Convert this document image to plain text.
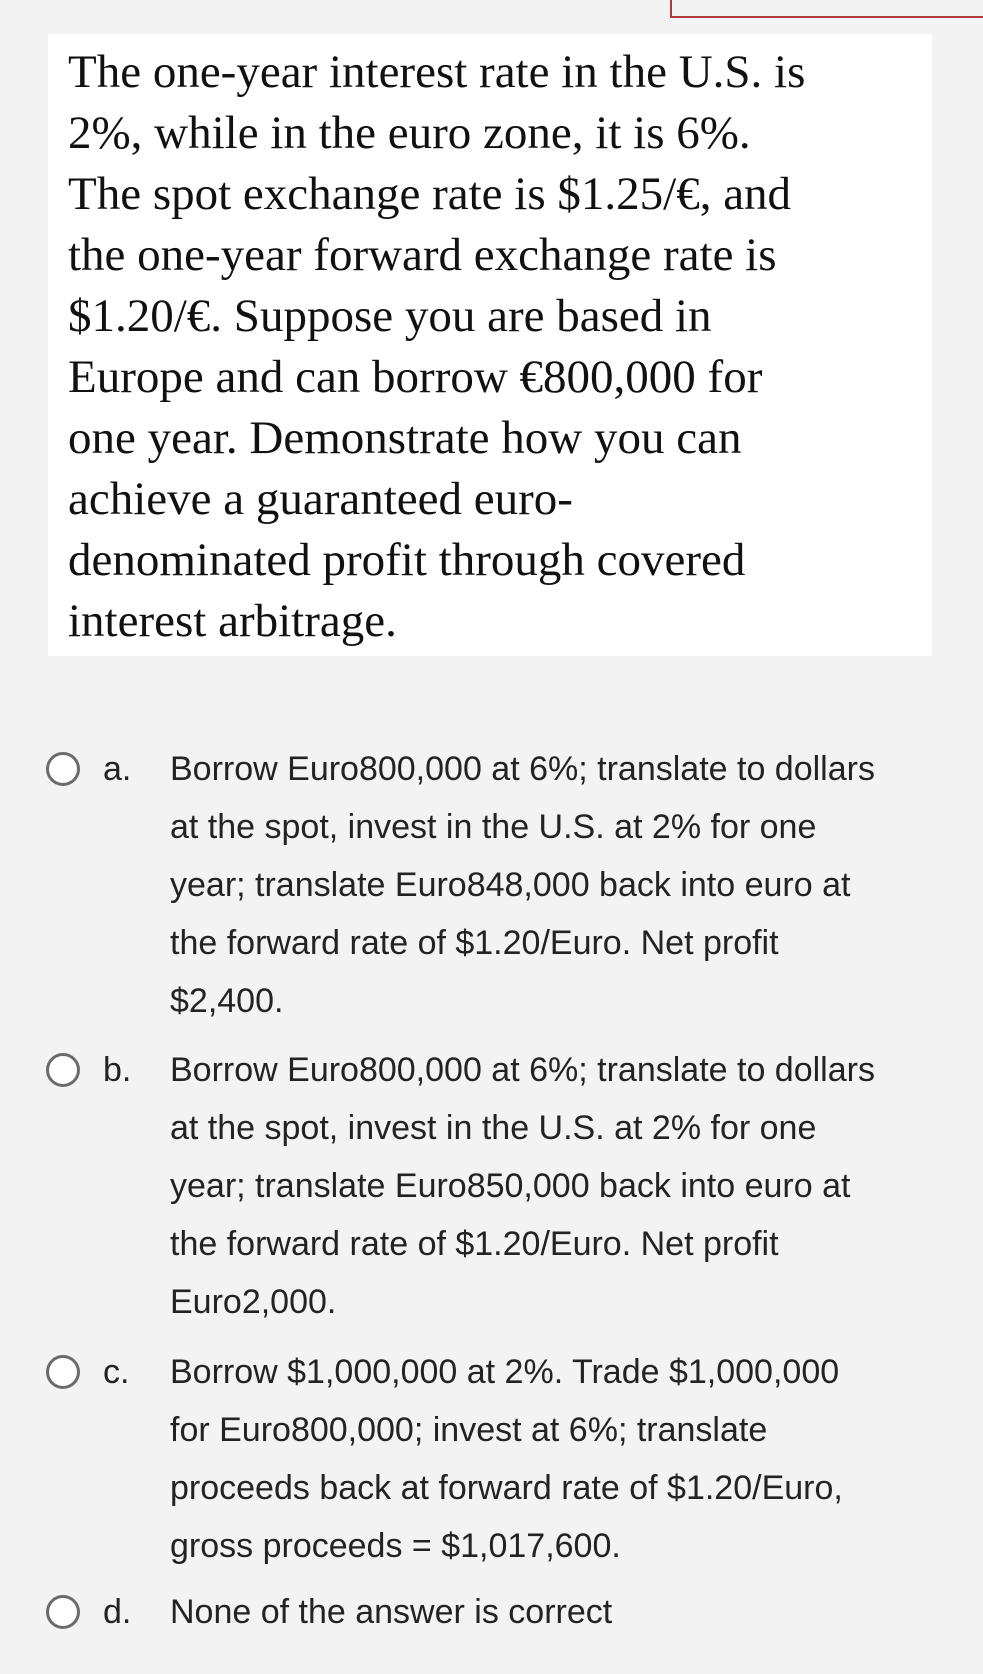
The one-year interest rate in the U.S. is
2%, while in the euro zone, it is 6%.
The spot exchange rate is $1.25/€, and
the one-year forward exchange rate is
$1.20/€. Suppose you are based in
Europe and can borrow €800,000 for
one year. Demonstrate how you can
achieve a guaranteed euro-
denominated profit through covered
interest arbitrage.

a. Borrow Euro800,000 at 6%; translate to dollars
at the spot, invest in the U.S. at 2% for one
year; translate Euro848,000 back into euro at
the forward rate of $1.20/Euro. Net profit
$2,400.
b. Borrow Euro800,000 at 6%; translate to dollars
at the spot, invest in the U.S. at 2% for one
year; translate Euro850,000 back into euro at
the forward rate of $1.20/Euro. Net profit
Euro2,000.
c. Borrow $1,000,000 at 2%. Trade $1,000,000
for Euro800,000; invest at 6%; translate
proceeds back at forward rate of $1.20/Euro,
gross proceeds = $1,017,600.
d. None of the answer is correct
